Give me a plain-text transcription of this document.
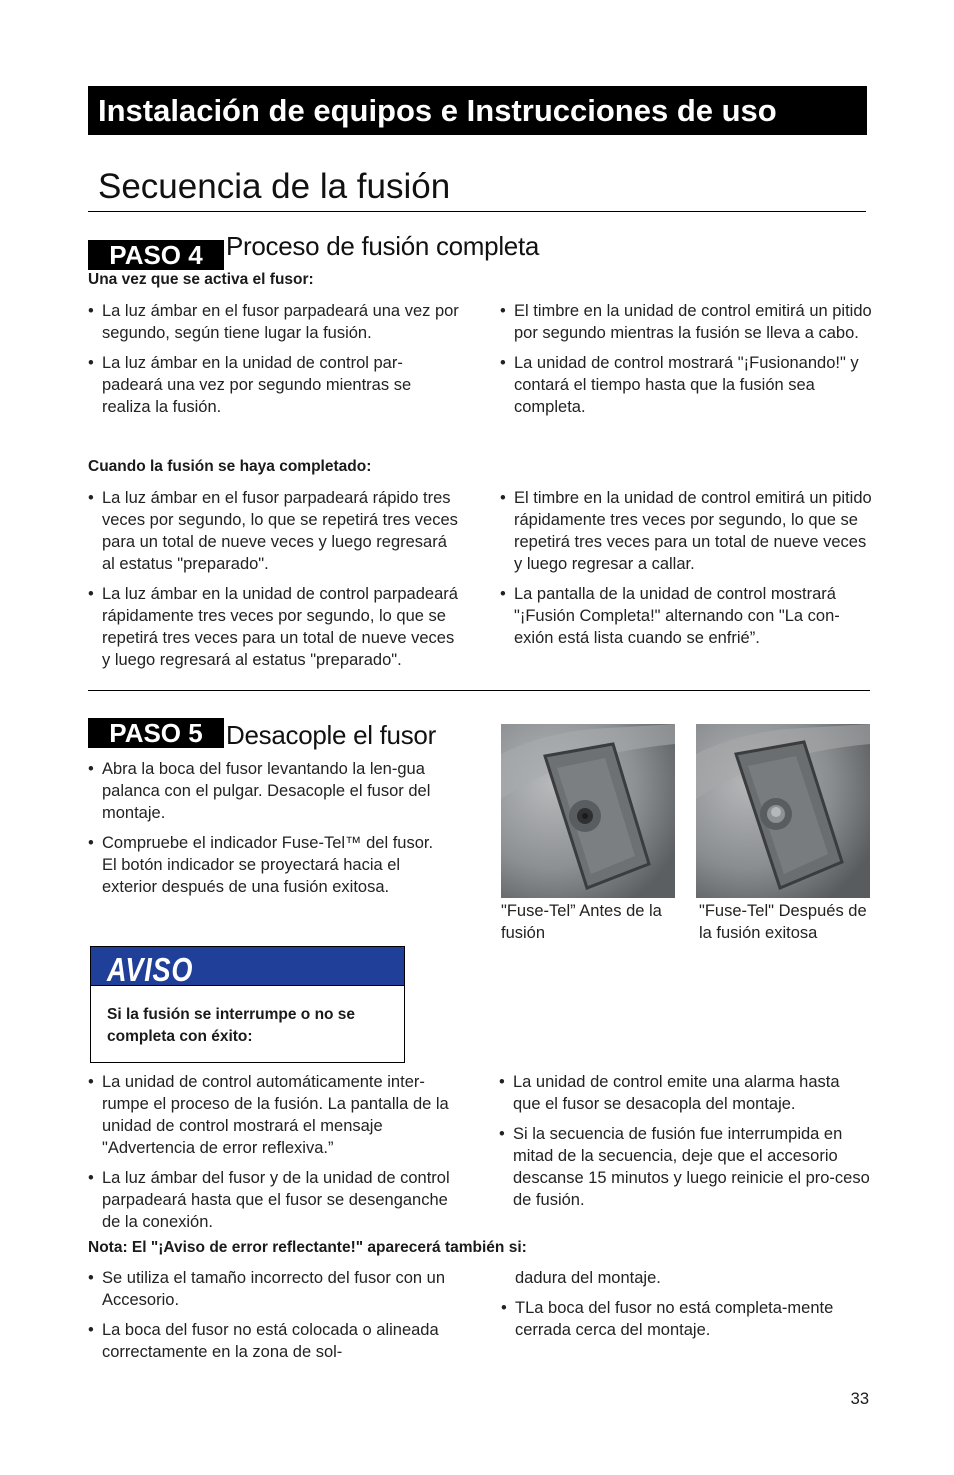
Instalación de equipos e Instrucciones de uso
Secuencia de la fusión
PASO 4 Proceso de fusión completa
Una vez que se activa el fusor:
• La luz ámbar en el fusor parpadeará una vez por segundo, según tiene lugar la fusión.
• La luz ámbar en la unidad de control par-padeará una vez por segundo mientras se realiza la fusión.
• El timbre en la unidad de control emitirá un pitido por segundo mientras la fusión se lleva a cabo.
• La unidad de control mostrará "¡Fusionando!" y contará el tiempo hasta que la fusión sea completa.
Cuando la fusión se haya completado:
• La luz ámbar en el fusor parpadeará rápido tres veces por segundo, lo que se repetirá tres veces para un total de nueve veces y luego regresará al estatus "preparado".
• La luz ámbar en la unidad de control parpadeará rápidamente tres veces por segundo, lo que se repetirá tres veces para un total de nueve veces y luego regresará al estatus "preparado".
• El timbre en la unidad de control emitirá un pitido rápidamente tres veces por segundo, lo que se repetirá tres veces para un total de nueve veces y luego regresar a callar.
• La pantalla de la unidad de control mostrará "¡Fusión Completa!" alternando con "La con-exión está lista cuando se enfrié”.
PASO 5 Desacople el fusor
• Abra la boca del fusor levantando la len-gua palanca con el pulgar. Desacople el fusor del montaje.
• Compruebe el indicador Fuse-Tel™ del fusor. El botón indicador se proyectará hacia el exterior después de una fusión exitosa.
"Fuse-Tel” Antes de la fusión
"Fuse-Tel" Después de la fusión exitosa
AVISO
Si la fusión se interrumpe o no se completa con éxito:
• La unidad de control automáticamente inter-rumpe el proceso de la fusión. La pantalla de la unidad de control mostrará el mensaje "Advertencia de error reflexiva.”
• La luz ámbar del fusor y de la unidad de control parpadeará hasta que el fusor se desenganche de la conexión.
• La unidad de control emite una alarma hasta que el fusor se desacopla del montaje.
• Si la secuencia de fusión fue interrumpida en mitad de la secuencia, deje que el accesorio descanse 15 minutos y luego reinicie el pro-ceso de fusión.
Nota: El "¡Aviso de error reflectante!" aparecerá también si:
• Se utiliza el tamaño incorrecto del fusor con un Accesorio.
• La boca del fusor no está colocada o alineada correctamente en la zona de sol-
dadura del montaje.
• TLa boca del fusor no está completa-mente cerrada cerca del montaje.
33
